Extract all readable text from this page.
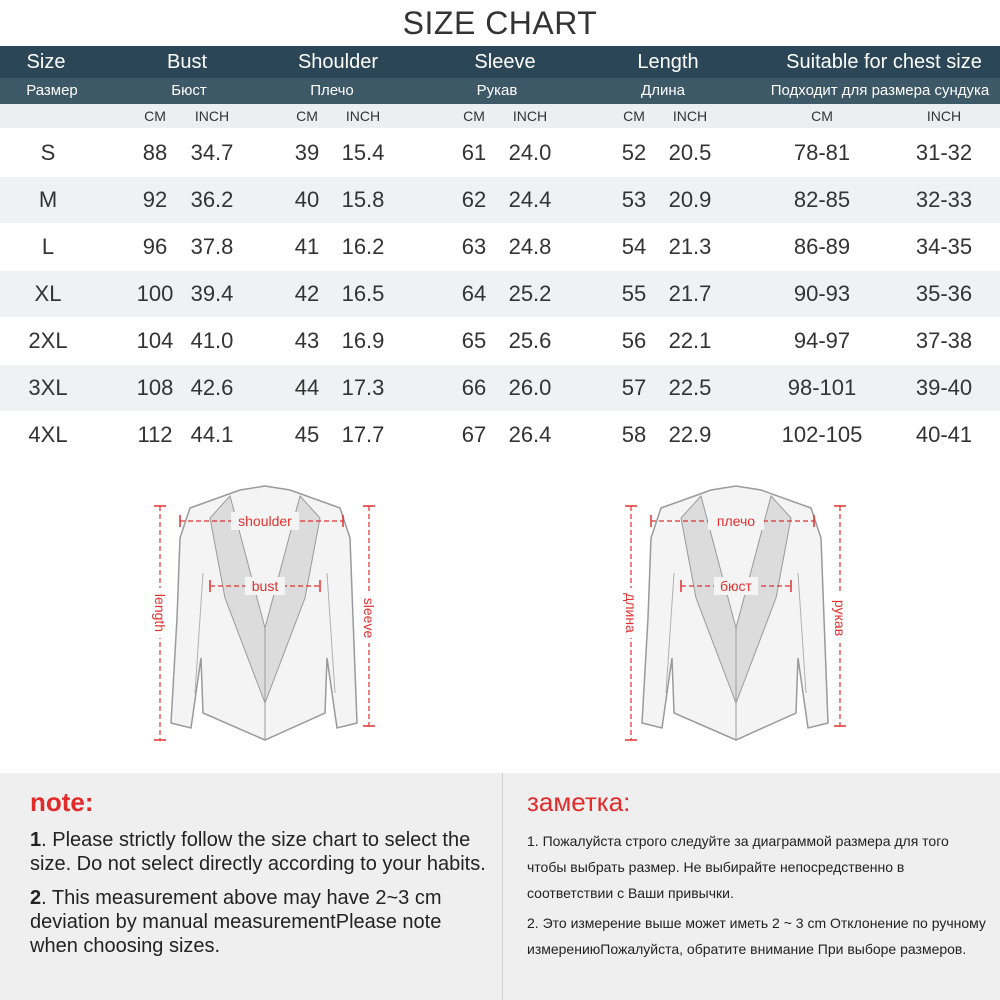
SIZE CHART
Size	Bust	Shoulder	Sleeve	Length	Suitable for chest size
Размер	Бюст	Плечо	Рукав	Длина	Подходит для размера сундука
CM INCH	CM INCH	CM INCH	CM INCH	CM	INCH
S	88 34.7	39 15.4	61 24.0	52 20.5	78-81	31-32
M	92 36.2	40 15.8	62 24.4	53 20.9	82-85	32-33
L	96 37.8	41 16.2	63 24.8	54 21.3	86-89	34-35
XL	100 39.4	42 16.5	64 25.2	55 21.7	90-93	35-36
2XL	104 41.0	43 16.9	65 25.6	56 22.1	94-97	37-38
3XL	108 42.6	44 17.3	66 26.0	57 22.5	98-101	39-40
4XL	112 44.1	45 17.7	67 26.4	58 22.9	102-105 40-41
shoulder
bust
length	sleeve
плечо
бюст
длина	рукав
note:
1. Please strictly follow the size chart to select the size. Do not select directly according to your habits.
2. This measurement above may have 2~3 cm deviation by manual measurementPlease note when choosing sizes.
заметка:
1. Пожалуйста строго следуйте за диаграммой размера для того чтобы выбрать размер. Не выбирайте непосредственно в соответствии с Ваши привычки.
2. Это измерение выше может иметь 2 ~ 3 cm Отклонение по ручному измерениюПожалуйста, обратите внимание При выборе размеров.
